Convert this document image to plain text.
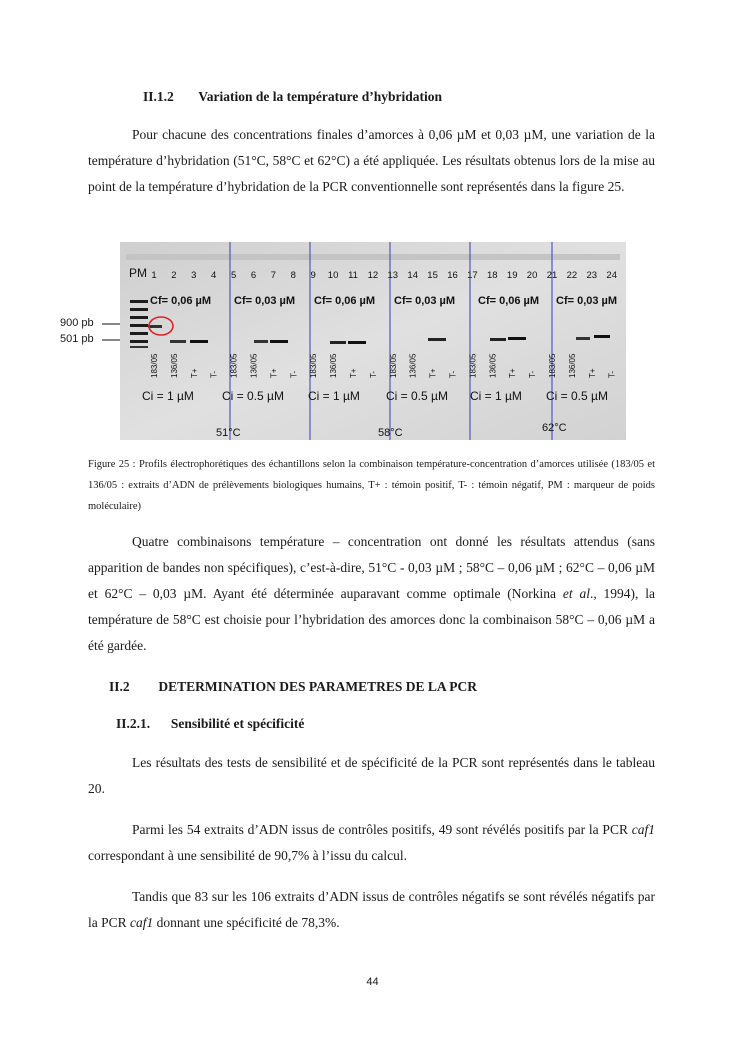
II.1.2 Variation de la température d’hybridation
Pour chacune des concentrations finales d’amorces à 0,06 µM et 0,03 µM, une variation de la température d’hybridation (51°C, 58°C et 62°C) a été appliquée. Les résultats obtenus lors de la mise au point de la température d’hybridation de la PCR conventionnelle sont représentés dans la figure 25.
900 pb
501 pb
PM 1 2 3 4 5 6 7 8 9 10 11 12 13 14 15 16 17 18 19 20 21 22 23 24
Cf= 0,06 µM Cf= 0,03 µM Cf= 0,06 µM Cf= 0,03 µM Cf= 0,06 µM Cf= 0,03 µM
183/05 136/05 T+ T- 183/05 136/05 T+ T- 183/05 136/05 T+ T- 183/05 136/05 T+ T- 183/05 136/05 T+ T- 183/05 136/05 T+ T-
Ci = 1 µM Ci = 0.5 µM Ci = 1 µM Ci = 0.5 µM Ci = 1 µM Ci = 0.5 µM
51°C	58°C	62°C
Figure 25 : Profils électrophorétiques des échantillons selon la combinaison température-concentration d’amorces utilisée (183/05 et 136/05 : extraits d’ADN de prélèvements biologiques humains, T+ : témoin positif, T- : témoin négatif, PM : marqueur de poids moléculaire)
Quatre combinaisons température – concentration ont donné les résultats attendus (sans apparition de bandes non spécifiques), c’est-à-dire, 51°C - 0,03 µM ; 58°C – 0,06 µM ; 62°C – 0,06 µM et 62°C – 0,03 µM. Ayant été déterminée auparavant comme optimale (Norkina et al., 1994), la température de 58°C est choisie pour l’hybridation des amorces donc la combinaison 58°C – 0,06 µM a été gardée.
II.2 DETERMINATION DES PARAMETRES DE LA PCR
II.2.1. Sensibilité et spécificité
Les résultats des tests de sensibilité et de spécificité de la PCR sont représentés dans le tableau 20.
Parmi les 54 extraits d’ADN issus de contrôles positifs, 49 sont révélés positifs par la PCR caf1 correspondant à une sensibilité de 90,7% à l’issu du calcul.
Tandis que 83 sur les 106 extraits d’ADN issus de contrôles négatifs se sont révélés négatifs par la PCR caf1 donnant une spécificité de 78,3%.
44
